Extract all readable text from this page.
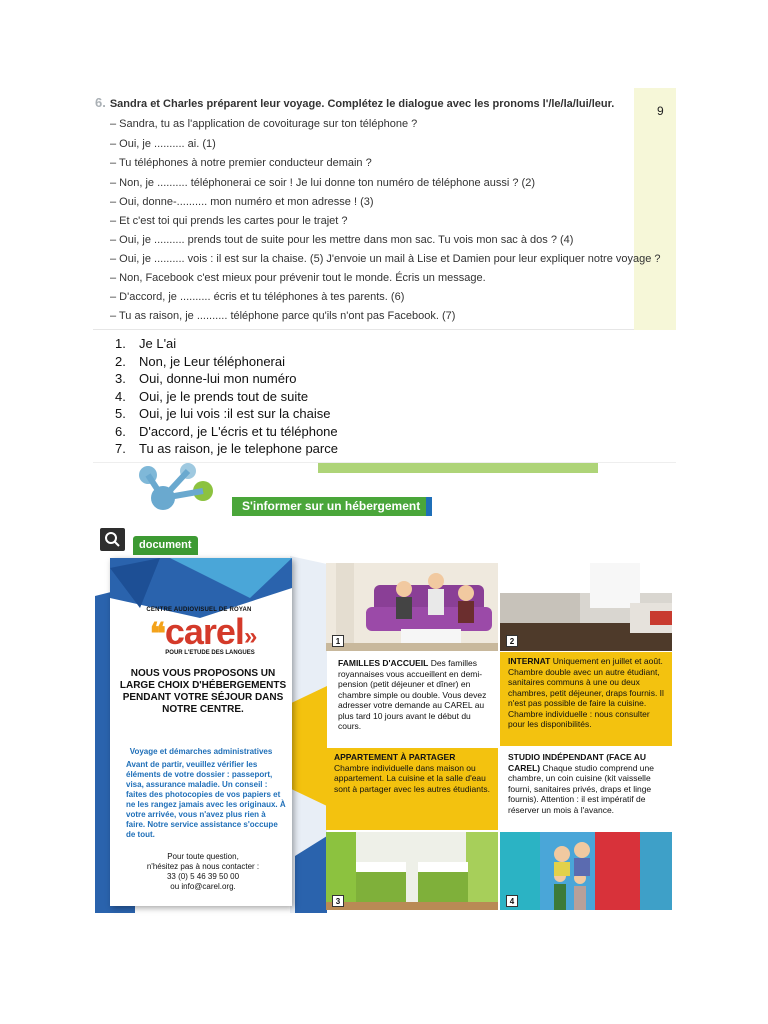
9
6. Sandra et Charles préparent leur voyage. Complétez le dialogue avec les pronoms l'/le/la/lui/leur.
– Sandra, tu as l'application de covoiturage sur ton téléphone ?
– Oui, je .......... ai. (1)
– Tu téléphones à notre premier conducteur demain ?
– Non, je .......... téléphonerai ce soir ! Je lui donne ton numéro de téléphone aussi ? (2)
– Oui, donne-.......... mon numéro et mon adresse ! (3)
– Et c'est toi qui prends les cartes pour le trajet ?
– Oui, je .......... prends tout de suite pour les mettre dans mon sac. Tu vois mon sac à dos ? (4)
– Oui, je .......... vois : il est sur la chaise. (5) J'envoie un mail à Lise et Damien pour leur expliquer notre voyage ?
– Non, Facebook c'est mieux pour prévenir tout le monde. Écris un message.
– D'accord, je .......... écris et tu téléphones à tes parents. (6)
– Tu as raison, je .......... téléphone parce qu'ils n'ont pas Facebook. (7)
1. Je L'ai
2. Non, je Leur téléphonerai
3. Oui, donne-lui mon numéro
4. Oui, je le prends tout de suite
5. Oui, je lui vois :il est sur la chaise
6. D'accord, je L'écris et tu téléphone
7. Tu as raison, je le telephone parce
S'informer sur un hébergement
document
CENTRE AUDIOVISUEL DE ROYAN
❝carel»
POUR L'ETUDE DES LANGUES
NOUS VOUS PROPOSONS UN LARGE CHOIX D'HÉBERGEMENTS PENDANT VOTRE SÉJOUR DANS NOTRE CENTRE.
Voyage et démarches administratives
Avant de partir, veuillez vérifier les éléments de votre dossier : passeport, visa, assurance maladie. Un conseil : faites des photocopies de vos papiers et ne les rangez jamais avec les originaux. À votre arrivée, vous n'avez plus rien à faire. Notre service assistance s'occupe de tout.
Pour toute question,
n'hésitez pas à nous contacter :
33 (0) 5 46 39 50 00
ou info@carel.org.
1	2
FAMILLES D'ACCUEIL Des familles royannaises vous accueillent en demi-pension (petit déjeuner et dîner) en chambre simple ou double. Vous devez adresser votre demande au CAREL au plus tard 10 jours avant le début du cours.
INTERNAT Uniquement en juillet et août. Chambre double avec un autre étudiant, sanitaires communs à une ou deux chambres, petit déjeuner, draps fournis. Il n'est pas possible de faire la cuisine. Chambre individuelle : nous consulter pour les disponibilités.
APPARTEMENT À PARTAGER Chambre individuelle dans maison ou appartement. La cuisine et la salle d'eau sont à partager avec les autres étudiants.
STUDIO INDÉPENDANT (FACE AU CAREL) Chaque studio comprend une chambre, un coin cuisine (kit vaisselle fourni, sanitaires privés, draps et linge fournis). Attention : il est impératif de réserver un mois à l'avance.
3	4
